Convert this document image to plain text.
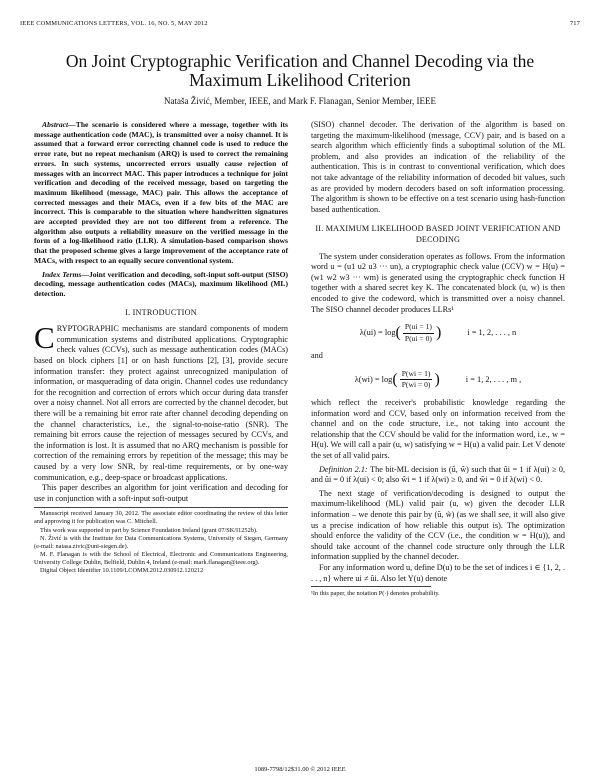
IEEE COMMUNICATIONS LETTERS, VOL. 16, NO. 5, MAY 2012	717
On Joint Cryptographic Verification and Channel Decoding via the Maximum Likelihood Criterion
Nataša Živić, Member, IEEE, and Mark F. Flanagan, Senior Member, IEEE

Abstract—The scenario is considered where a message, together with its message authentication code (MAC), is transmitted over a noisy channel. It is assumed that a forward error correcting channel code is used to reduce the error rate, but no repeat mechanism (ARQ) is used to correct the remaining errors. In such systems, uncorrected errors usually cause rejection of messages with an incorrect MAC. This paper introduces a technique for joint verification and decoding of the received message, based on targeting the maximum likelihood (message, MAC) pair. This allows the acceptance of corrected messages and their MACs, even if a few bits of the MAC are incorrect. This is comparable to the situation where handwritten signatures are accepted provided they are not too different from a reference. The algorithm also outputs a reliability measure on the verified message in the form of a log-likelihood ratio (LLR). A simulation-based comparison shows that the proposed scheme gives a large improvement of the acceptance rate of MACs, with respect to an equally secure conventional system.

Index Terms—Joint verification and decoding, soft-input soft-output (SISO) decoding, message authentication codes (MACs), maximum likelihood (ML) detection.

I. INTRODUCTION

CRYPTOGRAPHIC mechanisms are standard components of modern communication systems and distributed applications. Cryptographic check values (CCVs), such as message authentication codes (MACs) based on block ciphers [1] or on hash functions [2], [3], provide secure information transfer: they protect against unrecognized manipulation of information, or masquerading of data origin. Channel codes use redundancy for the recognition and correction of errors which occur during data transfer over a noisy channel. Not all errors are corrected by the channel decoder, but there will be a remaining bit error rate after channel decoding depending on the channel characteristics, i.e., the signal-to-noise-ratio (SNR). The remaining bit errors cause the rejection of messages secured by CCVs, and the information is lost. It is assumed that no ARQ mechanism is possible for correction of the remaining errors by repetition of the message; this may be caused by a very low SNR, by real-time requirements, or by one-way communication, e.g., deep-space or broadcast applications.

This paper describes an algorithm for joint verification and decoding for use in conjunction with a soft-input soft-output

Manuscript received January 30, 2012. The associate editor coordinating the review of this letter and approving it for publication was C. Mitchell.

This work was supported in part by Science Foundation Ireland (grant 07/SK/I1252b).

N. Živić is with the Institute for Data Communications Systems, University of Siegen, Germany (e-mail: natasa.zivic@uni-siegen.de).

M. F. Flanagan is with the School of Electrical, Electronic and Communications Engineering, University College Dublin, Belfield, Dublin 4, Ireland (e-mail: mark.flanagan@ieee.org).

Digital Object Identifier 10.1109/LCOMM.2012.030912.120212

(SISO) channel decoder. The derivation of the algorithm is based on targeting the maximum-likelihood (message, CCV) pair, and is based on a search algorithm which efficiently finds a suboptimal solution of the ML problem, and also provides an indication of the reliability of the authentication. This is in contrast to conventional verification, which does not take advantage of the reliability information of decoded bit values, such as are provided by modern decoders based on soft information processing. The algorithm is shown to be effective on a test scenario using hash-function based authentication.

II. MAXIMUM LIKELIHOOD BASED JOINT VERIFICATION AND DECODING

The system under consideration operates as follows. From the information word u = (u1 u2 u3 ··· un), a cryptographic check value (CCV) w = H(u) = (w1 w2 w3 ··· wm) is generated using the cryptographic check function H together with a shared secret key K. The concatenated block (u, w) is then encoded to give the codeword, which is transmitted over a noisy channel. The SISO channel decoder produces LLRs¹

λ(ui) = log ( $\frac{P(ui = 1)}{P(ui = 0)}$ )	i = 1, 2, . . . , n

and

λ(wi) = log ( $\frac{P(wi = 1)}{P(wi = 0)}$ )	i = 1, 2, . . . , m ,

which reflect the receiver's probabilistic knowledge regarding the information word and CCV, based only on information received from the channel and on the code structure, i.e., not taking into account the relationship that the CCV should be valid for the information word, i.e., w = H(u). We will call a pair (u, w) satisfying w = H(u) a valid pair. Let V denote the set of all valid pairs.

Definition 2.1: The bit-ML decision is (û, ŵ) such that ûi = 1 if λ(ui) ≥ 0, and ûi = 0 if λ(ui) < 0; also ŵi = 1 if λ(wi) ≥ 0, and ŵi = 0 if λ(wi) < 0.

The next stage of verification/decoding is designed to output the maximum-likelihood (ML) valid pair (u, w) given the decoder LLR information – we denote this pair by (ũ, w̃) (as we shall see, it will also give us a precise indication of how reliable this output is). The optimization should enforce the validity of the CCV (i.e., the condition w = H(u)), and should take account of the channel code structure only through the LLR information supplied by the channel decoder.

For any information word u, define D(u) to be the set of indices i ∈ {1, 2, . . . , n} where ui ≠ ûi. Also let Y(u) denote

¹In this paper, the notation P(·) denotes probability.

1089-7798/12$31.00 © 2012 IEEE
